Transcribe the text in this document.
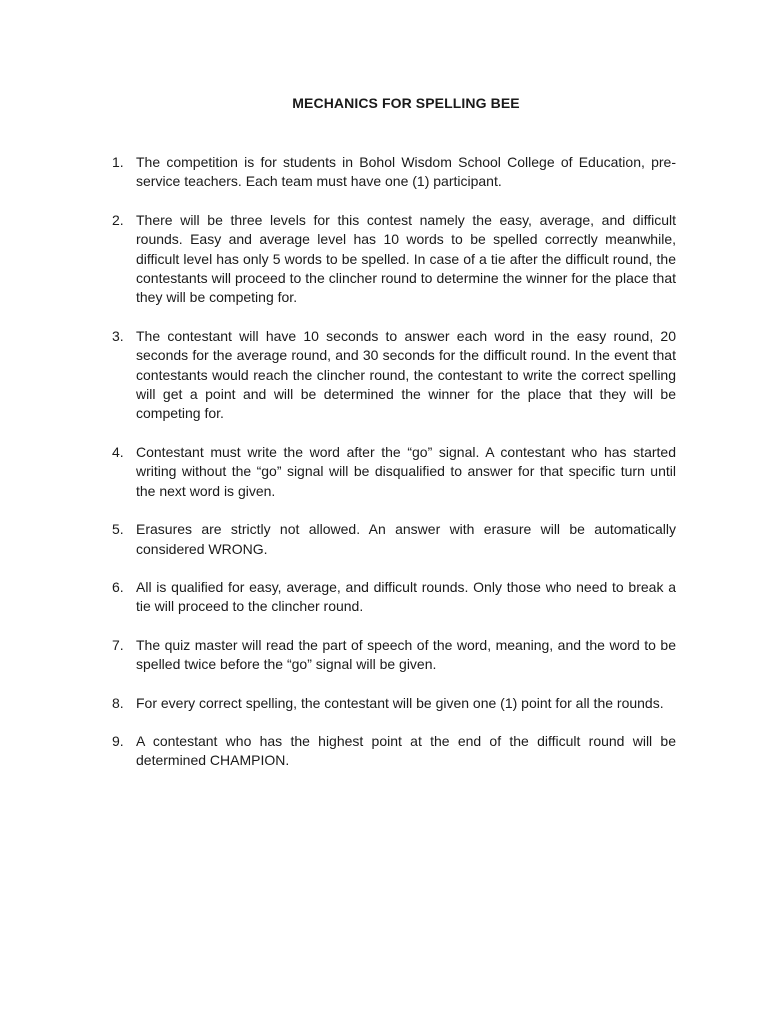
MECHANICS FOR SPELLING BEE
1. The competition is for students in Bohol Wisdom School College of Education, pre-service teachers. Each team must have one (1) participant.
2. There will be three levels for this contest namely the easy, average, and difficult rounds. Easy and average level has 10 words to be spelled correctly meanwhile, difficult level has only 5 words to be spelled. In case of a tie after the difficult round, the contestants will proceed to the clincher round to determine the winner for the place that they will be competing for.
3. The contestant will have 10 seconds to answer each word in the easy round, 20 seconds for the average round, and 30 seconds for the difficult round. In the event that contestants would reach the clincher round, the contestant to write the correct spelling will get a point and will be determined the winner for the place that they will be competing for.
4. Contestant must write the word after the “go” signal. A contestant who has started writing without the “go” signal will be disqualified to answer for that specific turn until the next word is given.
5. Erasures are strictly not allowed. An answer with erasure will be automatically considered WRONG.
6. All is qualified for easy, average, and difficult rounds. Only those who need to break a tie will proceed to the clincher round.
7. The quiz master will read the part of speech of the word, meaning, and the word to be spelled twice before the “go” signal will be given.
8. For every correct spelling, the contestant will be given one (1) point for all the rounds.
9. A contestant who has the highest point at the end of the difficult round will be determined CHAMPION.
